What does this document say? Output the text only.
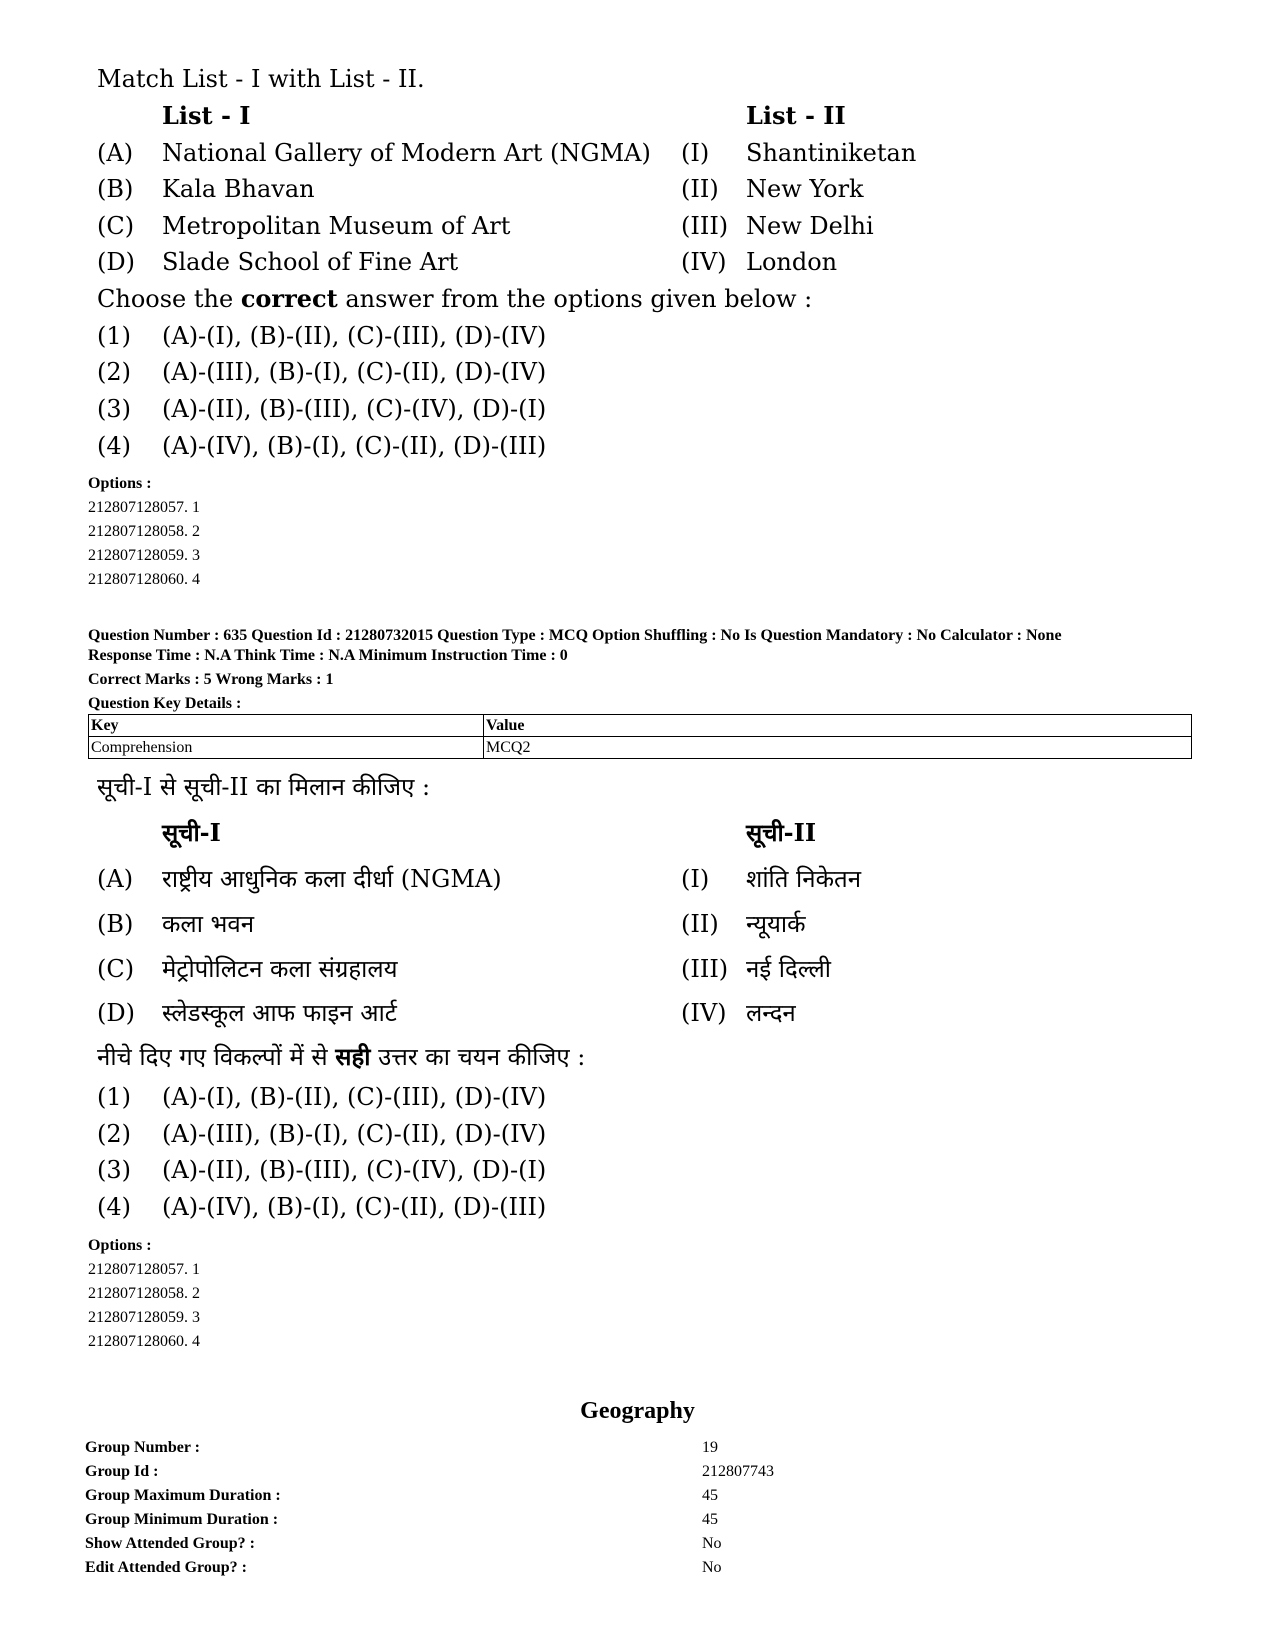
Match List - I with List - II.
List - I	List - II
(A) National Gallery of Modern Art (NGMA) (I) Shantiniketan
(B) Kala Bhavan	(II) New York
(C) Metropolitan Museum of Art	(III) New Delhi
(D) Slade School of Fine Art	(IV) London
Choose the correct answer from the options given below :
(1) (A)-(I), (B)-(II), (C)-(III), (D)-(IV)
(2) (A)-(III), (B)-(I), (C)-(II), (D)-(IV)
(3) (A)-(II), (B)-(III), (C)-(IV), (D)-(I)
(4) (A)-(IV), (B)-(I), (C)-(II), (D)-(III)
Options :
212807128057. 1
212807128058. 2
212807128059. 3
212807128060. 4
Question Number : 635 Question Id : 21280732015 Question Type : MCQ Option Shuffling : No Is Question Mandatory : No Calculator : None
Response Time : N.A Think Time : N.A Minimum Instruction Time : 0
Correct Marks : 5 Wrong Marks : 1
Question Key Details :
Key	Value
Comprehension	MCQ2
सूची-I से सूची-II का मिलान कीजिए :
सूची-I	सूची-II
(A) राष्ट्रीय आधुनिक कला दीर्धा (NGMA)	(I) शांति निकेतन
(B) कला भवन	(II) न्यूयार्क
(C) मेट्रोपोलिटन कला संग्रहालय	(III) नई दिल्ली
(D) स्लेडस्कूल आफ फाइन आर्ट	(IV) लन्दन
नीचे दिए गए विकल्पों में से सही उत्तर का चयन कीजिए :
(1) (A)-(I), (B)-(II), (C)-(III), (D)-(IV)
(2) (A)-(III), (B)-(I), (C)-(II), (D)-(IV)
(3) (A)-(II), (B)-(III), (C)-(IV), (D)-(I)
(4) (A)-(IV), (B)-(I), (C)-(II), (D)-(III)
Options :
212807128057. 1
212807128058. 2
212807128059. 3
212807128060. 4
Geography
Group Number :	19
Group Id :	212807743
Group Maximum Duration :	45
Group Minimum Duration :	45
Show Attended Group? :	No
Edit Attended Group? :	No
